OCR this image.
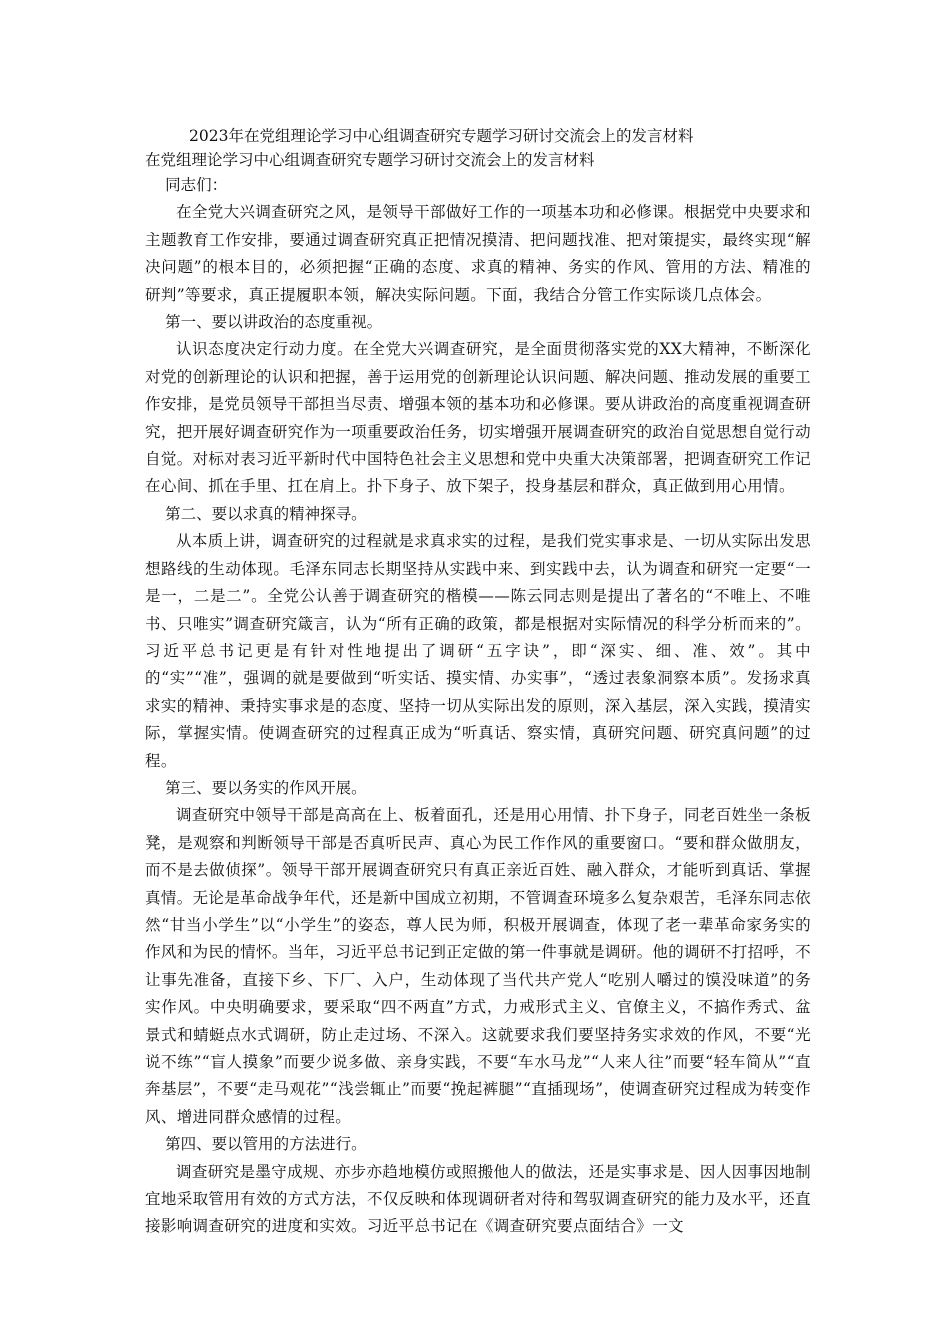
2023年在党组理论学习中心组调查研究专题学习研讨交流会上的发言材料
在党组理论学习中心组调查研究专题学习研讨交流会上的发言材料

同志们：

在全党大兴调查研究之风，是领导干部做好工作的一项基本功和必修课。根据党中央要求和主题教育工作安排，要通过调查研究真正把情况摸清、把问题找准、把对策提实，最终实现“解决问题”的根本目的，必须把握“正确的态度、求真的精神、务实的作风、管用的方法、精准的研判”等要求，真正提履职本领，解决实际问题。下面，我结合分管工作实际谈几点体会。

第一、要以讲政治的态度重视。

认识态度决定行动力度。在全党大兴调查研究，是全面贯彻落实党的XX大精神，不断深化对党的创新理论的认识和把握，善于运用党的创新理论认识问题、解决问题、推动发展的重要工作安排，是党员领导干部担当尽责、增强本领的基本功和必修课。要从讲政治的高度重视调查研究，把开展好调查研究作为一项重要政治任务，切实增强开展调查研究的政治自觉思想自觉行动自觉。对标对表习近平新时代中国特色社会主义思想和党中央重大决策部署，把调查研究工作记在心间、抓在手里、扛在肩上。扑下身子、放下架子，投身基层和群众，真正做到用心用情。

第二、要以求真的精神探寻。

从本质上讲，调查研究的过程就是求真求实的过程，是我们党实事求是、一切从实际出发思想路线的生动体现。毛泽东同志长期坚持从实践中来、到实践中去，认为调查和研究一定要“一是一，二是二”。全党公认善于调查研究的楷模——陈云同志则是提出了著名的“不唯上、不唯书、只唯实”调查研究箴言，认为“所有正确的政策，都是根据对实际情况的科学分析而来的”。习近平总书记更是有针对性地提出了调研“五字诀”，即“深实、细、准、效”。其中的“实”“准”，强调的就是要做到“听实话、摸实情、办实事”，“透过表象洞察本质”。发扬求真求实的精神、秉持实事求是的态度、坚持一切从实际出发的原则，深入基层，深入实践，摸清实际，掌握实情。使调查研究的过程真正成为“听真话、察实情，真研究问题、研究真问题”的过程。

第三、要以务实的作风开展。

调查研究中领导干部是高高在上、板着面孔，还是用心用情、扑下身子，同老百姓坐一条板凳，是观察和判断领导干部是否真听民声、真心为民工作作风的重要窗口。“要和群众做朋友，而不是去做侦探”。领导干部开展调查研究只有真正亲近百姓、融入群众，才能听到真话、掌握真情。无论是革命战争年代，还是新中国成立初期，不管调查环境多么复杂艰苦，毛泽东同志依然“甘当小学生”以“小学生”的姿态，尊人民为师，积极开展调查，体现了老一辈革命家务实的作风和为民的情怀。当年，习近平总书记到正定做的第一件事就是调研。他的调研不打招呼，不让事先准备，直接下乡、下厂、入户，生动体现了当代共产党人“吃别人嚼过的馍没味道”的务实作风。中央明确要求，要采取“四不两直”方式，力戒形式主义、官僚主义，不搞作秀式、盆景式和蜻蜓点水式调研，防止走过场、不深入。这就要求我们要坚持务实求效的作风，不要“光说不练”“盲人摸象”而要少说多做、亲身实践，不要“车水马龙”“人来人往”而要“轻车简从”“直奔基层”，不要“走马观花”“浅尝辄止”而要“挽起裤腿”“直插现场”，使调查研究过程成为转变作风、增进同群众感情的过程。

第四、要以管用的方法进行。

调查研究是墨守成规、亦步亦趋地模仿或照搬他人的做法，还是实事求是、因人因事因地制宜地采取管用有效的方式方法，不仅反映和体现调研者对待和驾驭调查研究的能力及水平，还直接影响调查研究的进度和实效。习近平总书记在《调查研究要点面结合》一文
